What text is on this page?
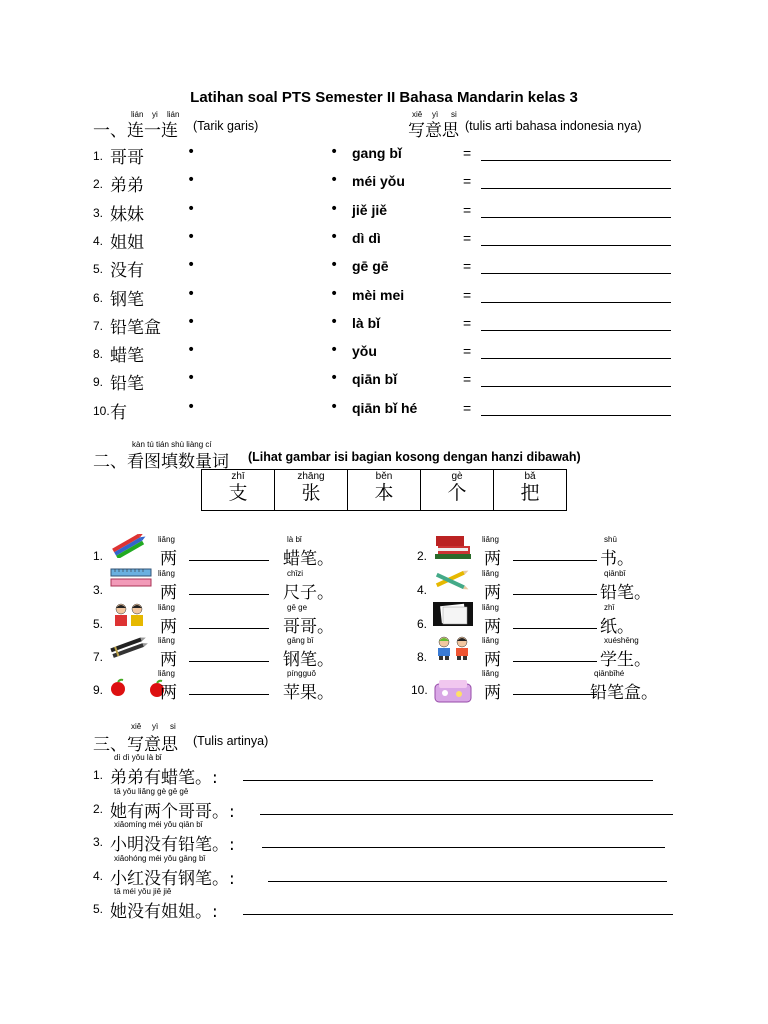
Latihan soal PTS Semester II Bahasa Mandarin kelas 3
lián yi lián
一、连一连 (Tarik garis)
xiě yì si
写意思 (tulis arti bahasa indonesia nya)
1. 哥哥	•	• gang bǐ	=
2. 弟弟	•	• méi yǒu	=
3. 妹妹	•	• jiě jiě	=
4. 姐姐	•	• dì dì	=
5. 没有	•	• gē gē	=
6. 钢笔	•	• mèi mei	=
7. 铅笔盒 •	• là bǐ	=
8. 蜡笔	•	• yǒu	=
9. 铅笔	•	• qiān bǐ	=
10. 有	•	• qiān bǐ hé	=
kàn tú tián shù liàng cí
二、看图填数量词 (Lihat gambar isi bagian kosong dengan hanzi dibawah)
zhī
支

zhāng
张

běn
本

gè
个

bǎ
把
1.
liǎng
两
là bǐ
蜡笔。	2.
liǎng
两
shū
书。
3.
liǎng
两
chǐzi
尺子。	4.
liǎng
两
qiānbǐ
铅笔。
5.
liǎng
两
gē ge
哥哥。	6.
liǎng
两
zhǐ
纸。
7.
liǎng
两
gāng bǐ
钢笔。	8.
liǎng
两
xuéshēng
学生。
9.
liǎng
两
píngguǒ
苹果。	10.
liǎng
两
qiānbǐhé
铅笔盒。
xiě yì si
三、写意思 (Tulis artinya)
dì dì yǒu là bǐ
1. 弟弟有蜡笔。:
tā yǒu liǎng gè gē gē
2. 她有两个哥哥。:
xiǎomíng méi yǒu qiān bǐ
3. 小明没有铅笔。:
xiǎohóng méi yǒu gāng bǐ
4. 小红没有钢笔。:
tā méi yǒu jiě jiě
5. 她没有姐姐。:
